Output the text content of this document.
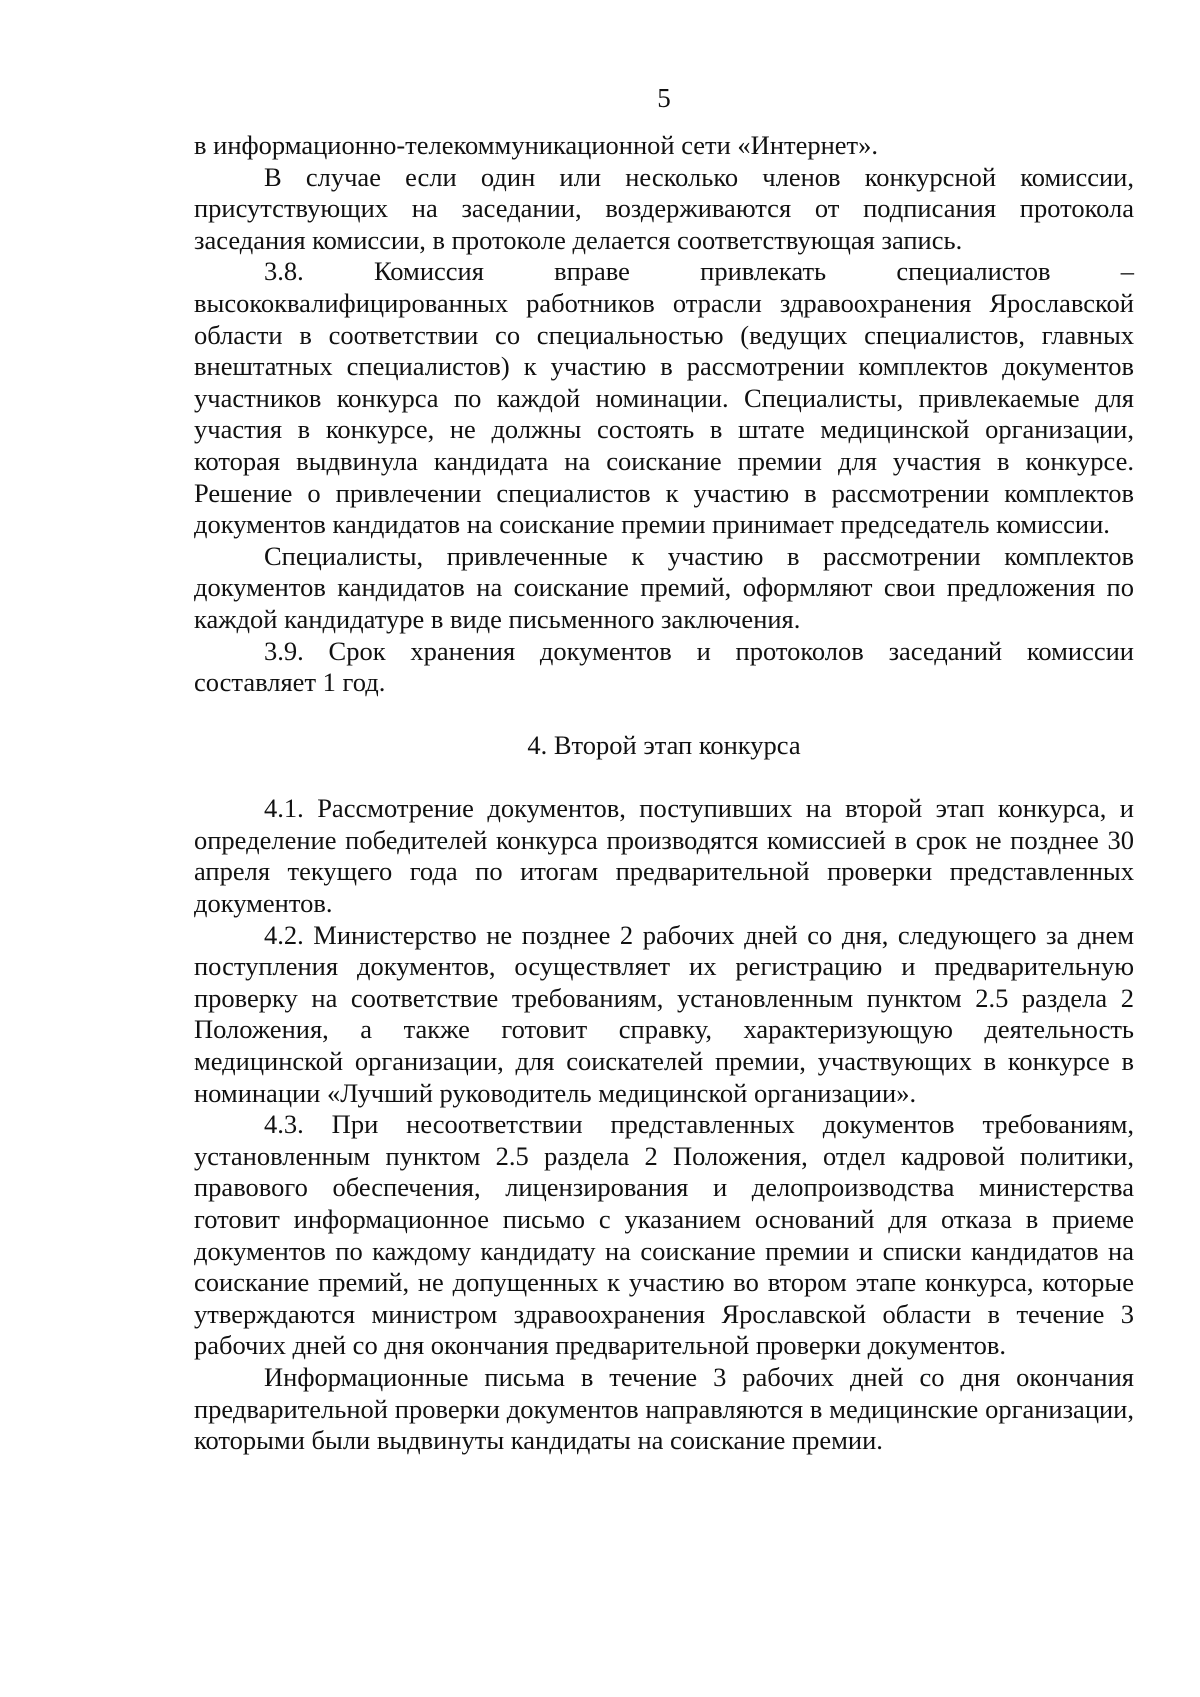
5

в информационно-телекоммуникационной сети «Интернет».

В случае если один или несколько членов конкурсной комиссии, присутствующих на заседании, воздерживаются от подписания протокола заседания комиссии, в протоколе делается соответствующая запись.

3.8. Комиссия вправе привлекать специалистов – высококвалифицированных работников отрасли здравоохранения Ярославской области в соответствии со специальностью (ведущих специалистов, главных внештатных специалистов) к участию в рассмотрении комплектов документов участников конкурса по каждой номинации. Специалисты, привлекаемые для участия в конкурсе, не должны состоять в штате медицинской организации, которая выдвинула кандидата на соискание премии для участия в конкурсе. Решение о привлечении специалистов к участию в рассмотрении комплектов документов кандидатов на соискание премии принимает председатель комиссии.

Специалисты, привлеченные к участию в рассмотрении комплектов документов кандидатов на соискание премий, оформляют свои предложения по каждой кандидатуре в виде письменного заключения.

3.9. Срок хранения документов и протоколов заседаний комиссии составляет 1 год.

4. Второй этап конкурса

4.1. Рассмотрение документов, поступивших на второй этап конкурса, и определение победителей конкурса производятся комиссией в срок не позднее 30 апреля текущего года по итогам предварительной проверки представленных документов.

4.2. Министерство не позднее 2 рабочих дней со дня, следующего за днем поступления документов, осуществляет их регистрацию и предварительную проверку на соответствие требованиям, установленным пунктом 2.5 раздела 2 Положения, а также готовит справку, характеризующую деятельность медицинской организации, для соискателей премии, участвующих в конкурсе в номинации «Лучший руководитель медицинской организации».

4.3. При несоответствии представленных документов требованиям, установленным пунктом 2.5 раздела 2 Положения, отдел кадровой политики, правового обеспечения, лицензирования и делопроизводства министерства готовит информационное письмо с указанием оснований для отказа в приеме документов по каждому кандидату на соискание премии и списки кандидатов на соискание премий, не допущенных к участию во втором этапе конкурса, которые утверждаются министром здравоохранения Ярославской области в течение 3 рабочих дней со дня окончания предварительной проверки документов.

Информационные письма в течение 3 рабочих дней со дня окончания предварительной проверки документов направляются в медицинские организации, которыми были выдвинуты кандидаты на соискание премии.
